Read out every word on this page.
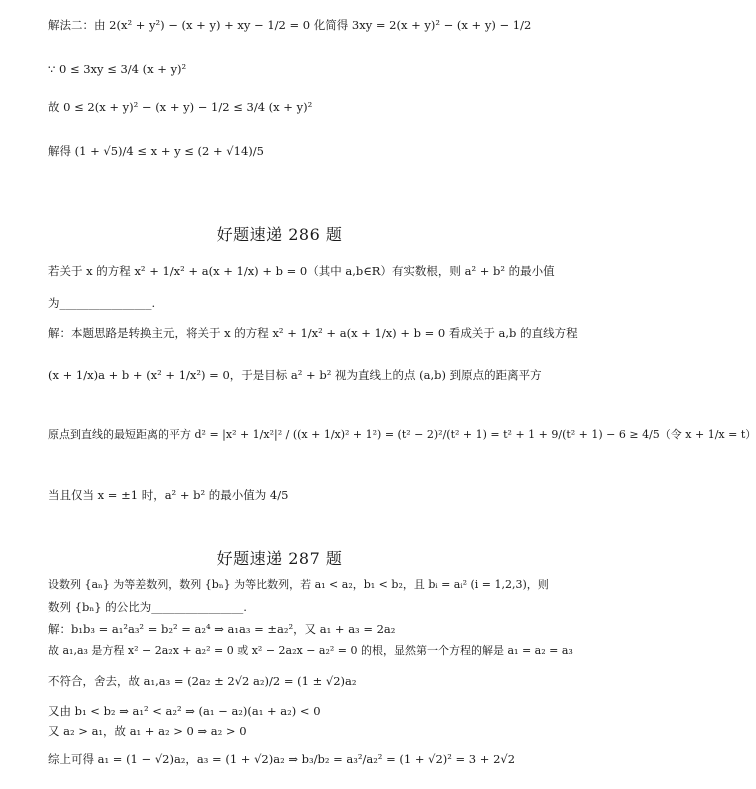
解法二：由 2(x² + y²) − (x + y) + xy − 1/2 = 0 化简得 3xy = 2(x + y)² − (x + y) − 1/2
∵ 0 ≤ 3xy ≤ 3/4 (x + y)²
故 0 ≤ 2(x + y)² − (x + y) − 1/2 ≤ 3/4 (x + y)²
解得 (1 + √5)/4 ≤ x + y ≤ (2 + √14)/5
好题速递 286 题
若关于 x 的方程 x² + 1/x² + a(x + 1/x) + b = 0（其中 a,b∈R）有实数根，则 a² + b² 的最小值
为________________.
解：本题思路是转换主元，将关于 x 的方程 x² + 1/x² + a(x + 1/x) + b = 0 看成关于 a,b 的直线方程
(x + 1/x)a + b + (x² + 1/x²) = 0，于是目标 a² + b² 视为直线上的点 (a,b) 到原点的距离平方
原点到直线的最短距离的平方 d² = |x² + 1/x²|² / ((x + 1/x)² + 1²) = (t² − 2)²/(t² + 1) = t² + 1 + 9/(t² + 1) − 6 ≥ 4/5（令 x + 1/x = t）
当且仅当 x = ±1 时，a² + b² 的最小值为 4/5
好题速递 287 题
设数列 {aₙ} 为等差数列，数列 {bₙ} 为等比数列，若 a₁ < a₂，b₁ < b₂，且 bᵢ = aᵢ² (i = 1,2,3)，则
数列 {bₙ} 的公比为________________.
解：b₁b₃ = a₁²a₃² = b₂² = a₂⁴ ⇒ a₁a₃ = ±a₂²，又 a₁ + a₃ = 2a₂
故 a₁,a₃ 是方程 x² − 2a₂x + a₂² = 0 或 x² − 2a₂x − a₂² = 0 的根，显然第一个方程的解是 a₁ = a₂ = a₃
不符合，舍去，故 a₁,a₃ = (2a₂ ± 2√2 a₂)/2 = (1 ± √2)a₂
又由 b₁ < b₂ ⇒ a₁² < a₂² ⇒ (a₁ − a₂)(a₁ + a₂) < 0
又 a₂ > a₁，故 a₁ + a₂ > 0 ⇒ a₂ > 0
综上可得 a₁ = (1 − √2)a₂，a₃ = (1 + √2)a₂ ⇒ b₃/b₂ = a₃²/a₂² = (1 + √2)² = 3 + 2√2
